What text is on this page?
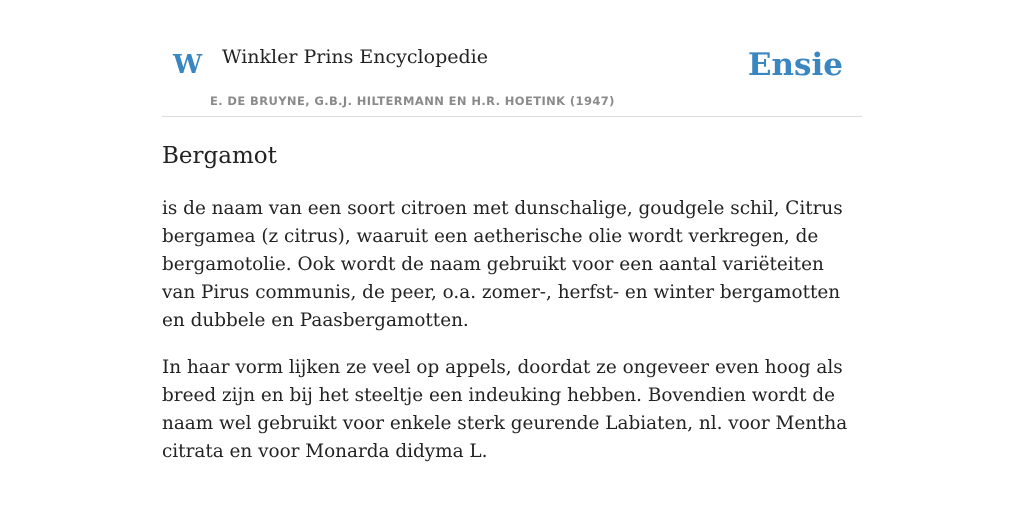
W Winkler Prins Encyclopedie
E. DE BRUYNE, G.B.J. HILTERMANN EN H.R. HOETINK (1947)
Ensie
Bergamot

is de naam van een soort citroen met dunschalige, goudgele schil, Citrus bergamea (z citrus), waaruit een aetherische olie wordt verkregen, de bergamotolie. Ook wordt de naam gebruikt voor een aantal variëteiten van Pirus communis, de peer, o.a. zomer-, herfst- en winter bergamotten en dubbele en Paasbergamotten.

In haar vorm lijken ze veel op appels, doordat ze ongeveer even hoog als breed zijn en bij het steeltje een indeuking hebben. Bovendien wordt de naam wel gebruikt voor enkele sterk geurende Labiaten, nl. voor Mentha citrata en voor Monarda didyma L.
